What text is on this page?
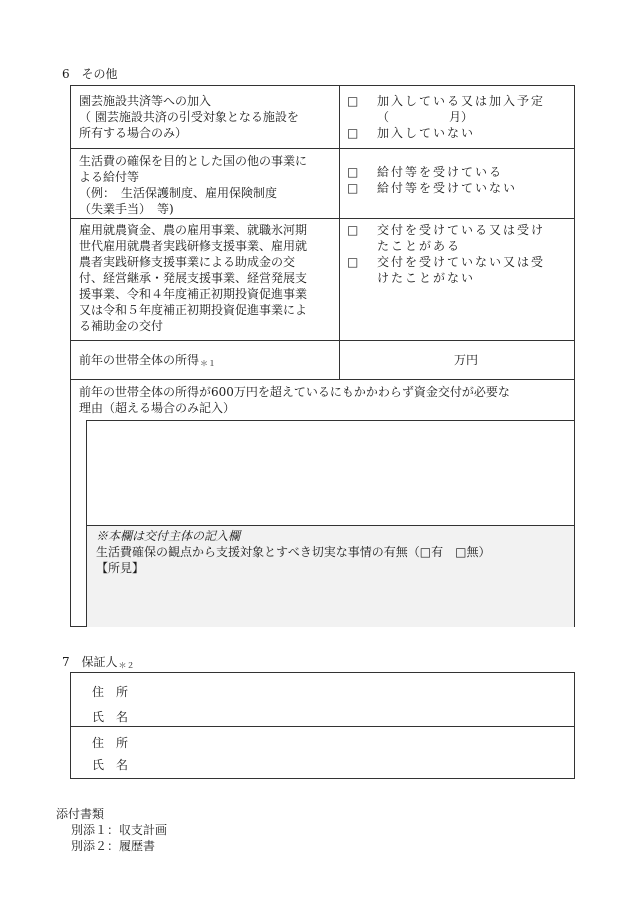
6 その他
園芸施設共済等への加入
（ 園芸施設共済の引受対象となる施設を
所有する場合のみ）
□ 加入している又は加入予定
（　　　　　月）
□ 加入していない
生活費の確保を目的とした国の他の事業に
よる給付等
（例：　生活保護制度、雇用保険制度
（失業手当）　等)
□ 給付等を受けている
□ 給付等を受けていない
雇用就農資金、農の雇用事業、就職氷河期
世代雇用就農者実践研修支援事業、雇用就
農者実践研修支援事業による助成金の交
付、経営継承・発展支援事業、経営発展支
援事業、令和４年度補正初期投資促進事業
又は令和５年度補正初期投資促進事業によ
る補助金の交付
□ 交付を受けている又は受け
たことがある
□ 交付を受けていない又は受
けたことがない
前年の世帯全体の所得$_{*1}$	万円
前年の世帯全体の所得が600万円を超えているにもかかわらず資金交付が必要な
理由（超える場合のみ記入）
※本欄は交付主体の記入欄
生活費確保の観点から支援対象とすべき切実な事情の有無（□有　□無）
【所見】
7 保証人$_{*2}$
住　所
氏　名
住　所
氏　名
添付書類
別添１：収支計画
別添２：履歴書
